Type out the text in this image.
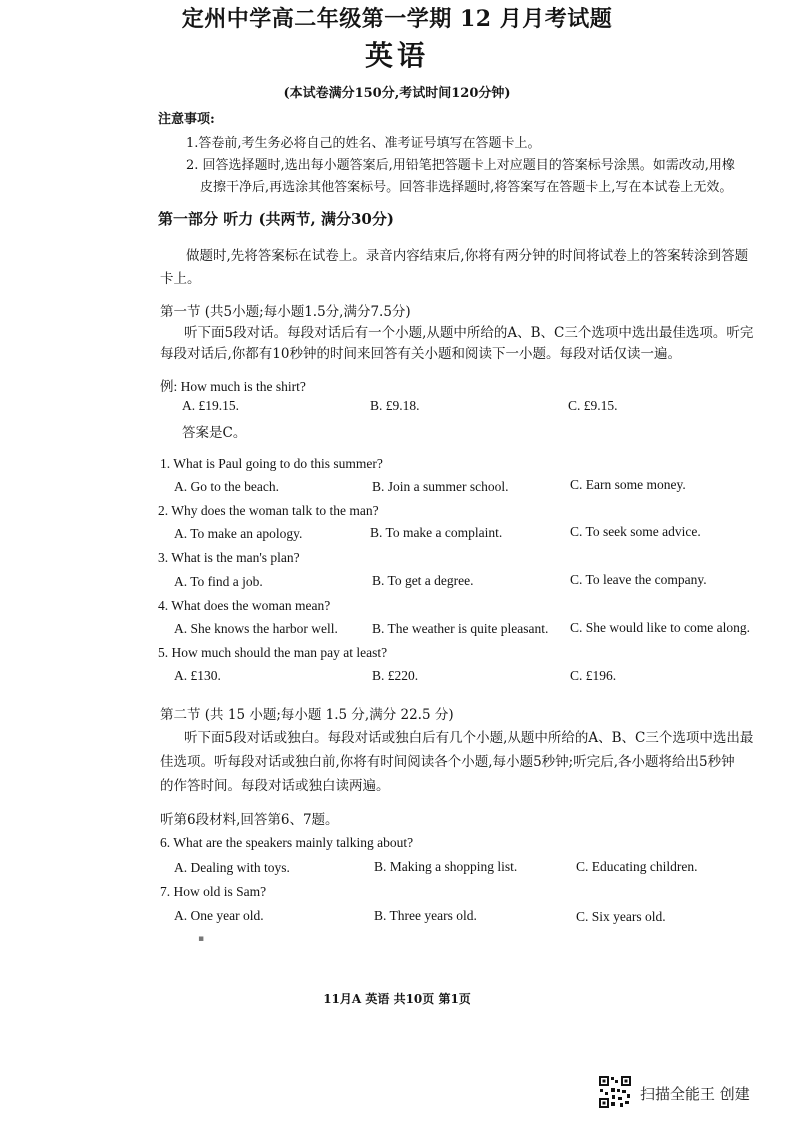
定州中学高二年级第一学期 12 月月考试题
英语
(本试卷满分150分,考试时间120分钟)
注意事项:
1.答卷前,考生务必将自己的姓名、准考证号填写在答题卡上。
2. 回答选择题时,选出每小题答案后,用铅笔把答题卡上对应题目的答案标号涂黑。如需改动,用橡
皮擦干净后,再选涂其他答案标号。回答非选择题时,将答案写在答题卡上,写在本试卷上无效。
第一部分 听力 (共两节, 满分30分)
做题时,先将答案标在试卷上。录音内容结束后,你将有两分钟的时间将试卷上的答案转涂到答题
卡上。
第一节 (共5小题;每小题1.5分,满分7.5分)
听下面5段对话。每段对话后有一个小题,从题中所给的A、B、C三个选项中选出最佳选项。听完
每段对话后,你都有10秒钟的时间来回答有关小题和阅读下一小题。每段对话仅读一遍。
例: How much is the shirt?
A. £19.15.	B. £9.18.	C. £9.15.
答案是C。
1. What is Paul going to do this summer?
A. Go to the beach.	B. Join a summer school.	C. Earn some money.
2. Why does the woman talk to the man?
A. To make an apology.	B. To make a complaint.	C. To seek some advice.
3. What is the man's plan?
A. To find a job.	B. To get a degree.	C. To leave the company.
4. What does the woman mean?
A. She knows the harbor well.	B. The weather is quite pleasant. C. She would like to come along.
5. How much should the man pay at least?
A. £130.	B. £220.	C. £196.
第二节 (共 15 小题;每小题 1.5 分,满分 22.5 分)
听下面5段对话或独白。每段对话或独白后有几个小题,从题中所给的A、B、C三个选项中选出最
佳选项。听每段对话或独白前,你将有时间阅读各个小题,每小题5秒钟;听完后,各小题将给出5秒钟
的作答时间。每段对话或独白读两遍。
听第6段材料,回答第6、7题。
6. What are the speakers mainly talking about?
A. Dealing with toys.	B. Making a shopping list.	C. Educating children.
7. How old is Sam?
A. One year old.	B. Three years old.	C. Six years old.
▪
11月A 英语 共10页 第1页
扫描全能王 创建
